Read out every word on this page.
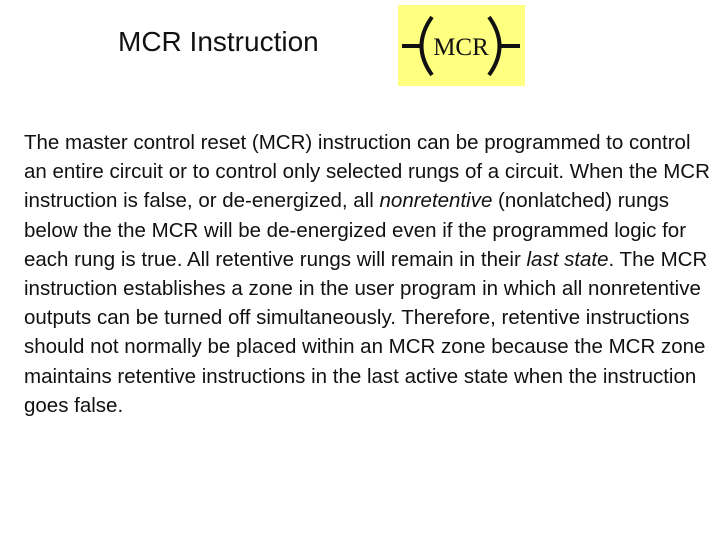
MCR Instruction	MCR

The master control reset (MCR) instruction can be programmed to control an entire circuit or to control only selected rungs of a circuit. When the MCR instruction is false, or de-energized, all nonretentive (nonlatched) rungs below the the MCR will be de-energized even if the programmed logic for each rung is true. All retentive rungs will remain in their last state. The MCR instruction establishes a zone in the user program in which all nonretentive outputs can be turned off simultaneously. Therefore, retentive instructions should not normally be placed within an MCR zone because the MCR zone maintains retentive instructions in the last active state when the instruction goes false.
